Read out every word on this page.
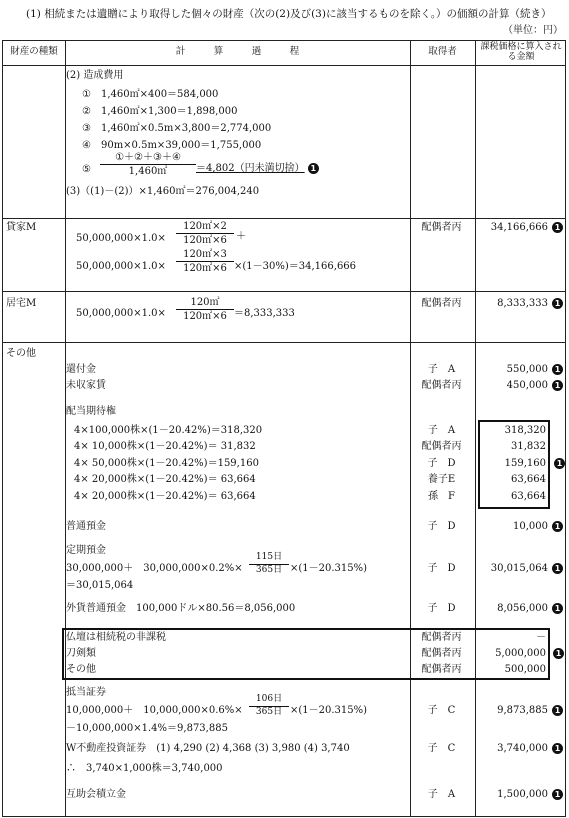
(1) 相続または遺贈により取得した個々の財産（次の(2)及び(3)に該当するものを除く。）の価額の計算（続き）
（単位：円）
財産の種類	計　　　算　　　過　　　程	取得者	課税価格に算入される金額
(2) 造成費用
①　1,460㎡×400＝584,000
②　1,460㎡×1,300＝1,898,000
③　1,460㎡×0.5m×3,800＝2,774,000
④　90m×0.5m×39,000＝1,755,000
⑤
①＋②＋③＋④
1,460㎡	＝4,802（円未満切捨） 1
(3)（(1)－(2)）×1,460㎡＝276,004,240
貸家M
$50,000,000\times 1.0\times \frac{120㎡\times 2}{120㎡\times 6}$ ＋
$50,000,000\times 1.0\times \frac{120㎡\times 3}{120㎡\times 6} \times(1-30\%)=34,166,666$
配偶者丙	34,166,666 1
居宅M
$50,000,000\times 1.0\times \frac{120㎡}{120㎡\times 6} =8,333,333$
配偶者丙	8,333,333 1
その他
還付金	子　A	550,000 1
未収家賃	配偶者丙	450,000 1
配当期待権
4×100,000株×(1－20.42%)＝318,320	子　A	318,320
4× 10,000株×(1－20.42%)＝ 31,832	配偶者丙	31,832
4× 50,000株×(1－20.42%)＝159,160	子　D	159,160	1
4× 20,000株×(1－20.42%)＝ 63,664	養子E	63,664
4× 20,000株×(1－20.42%)＝ 63,664	孫　F	63,664
普通預金	子　D	10,000 1
定期預金
30,000,000＋　30,000,000×0.2%×
115日
365日 ×(1－20.315%)
＝30,015,064
子　D	30,015,064 1
外貨普通預金　100,000ドル×80.56＝8,056,000	子　D	8,056,000 1
仏壇は相続税の非課税	配偶者丙	－
刀剣類	配偶者丙	5,000,000	1
その他	配偶者丙	500,000
抵当証券
10,000,000＋　10,000,000×0.6%×
106日
365日 ×(1－20.315%)
－10,000,000×1.4%＝9,873,885
子　C	9,873,885 1
W不動産投資証券　(1) 4,290 (2) 4,368 (3) 3,980 (4) 3,740
∴　3,740×1,000株＝3,740,000
子　C	3,740,000 1
互助会積立金	子　A	1,500,000 1
